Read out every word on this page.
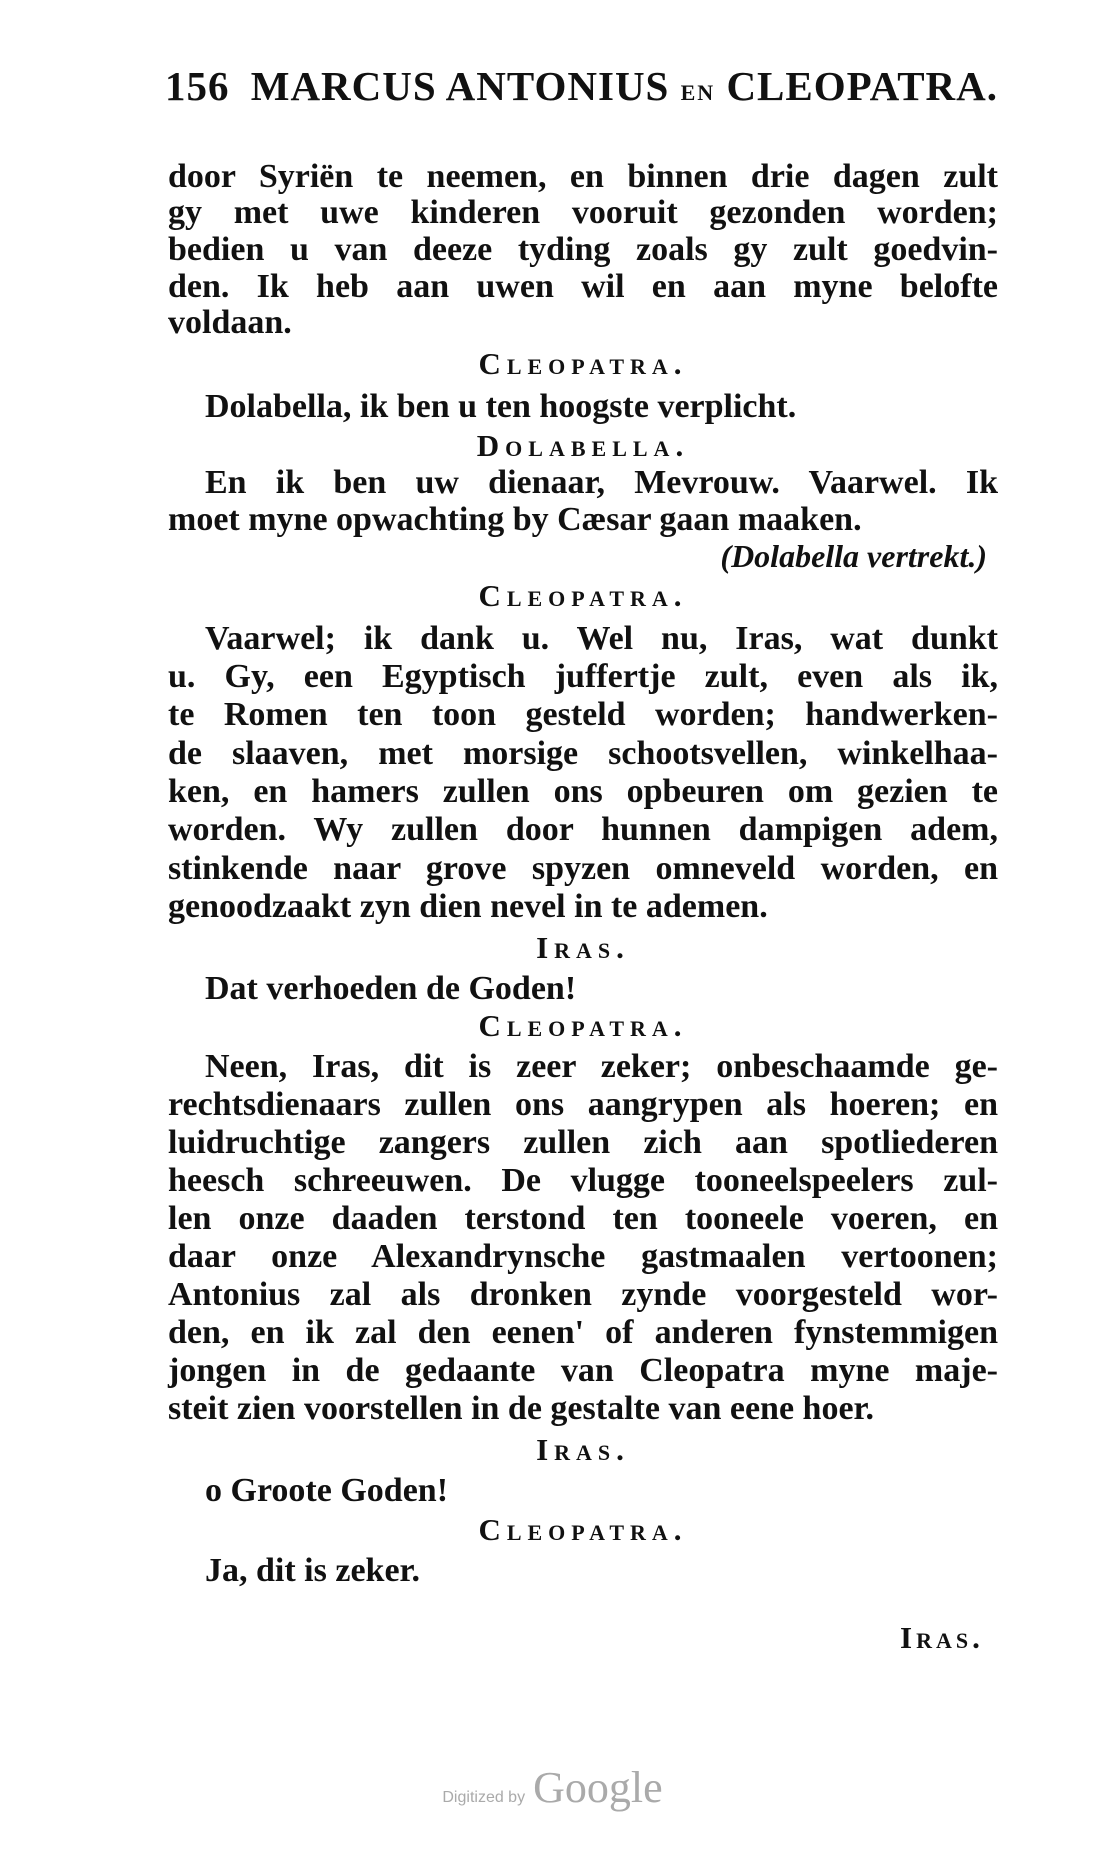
156 MARCUS ANTONIUS EN CLEOPATRA.
door Syriën te neemen, en binnen drie dagen zult
gy met uwe kinderen vooruit gezonden worden;
bedien u van deeze tyding zoals gy zult goedvin-
den. Ik heb aan uwen wil en aan myne belofte
voldaan.
Cleopatra.
Dolabella, ik ben u ten hoogste verplicht.
Dolabella.
En ik ben uw dienaar, Mevrouw. Vaarwel. Ik
moet myne opwachting by Cæsar gaan maaken.
(Dolabella vertrekt.)
Cleopatra.
Vaarwel; ik dank u. Wel nu, Iras, wat dunkt
u. Gy, een Egyptisch juffertje zult, even als ik,
te Romen ten toon gesteld worden; handwerken-
de slaaven, met morsige schootsvellen, winkelhaa-
ken, en hamers zullen ons opbeuren om gezien te
worden. Wy zullen door hunnen dampigen adem,
stinkende naar grove spyzen omneveld worden, en
genoodzaakt zyn dien nevel in te ademen.
Iras.
Dat verhoeden de Goden!
Cleopatra.
Neen, Iras, dit is zeer zeker; onbeschaamde ge-
rechtsdienaars zullen ons aangrypen als hoeren; en
luidruchtige zangers zullen zich aan spotliederen
heesch schreeuwen. De vlugge tooneelspeelers zul-
len onze daaden terstond ten tooneele voeren, en
daar onze Alexandrynsche gastmaalen vertoonen;
Antonius zal als dronken zynde voorgesteld wor-
den, en ik zal den eenen' of anderen fynstemmigen
jongen in de gedaante van Cleopatra myne maje-
steit zien voorstellen in de gestalte van eene hoer.
Iras.
o Groote Goden!
Cleopatra.
Ja, dit is zeker.
Iras.
Digitized by Google
